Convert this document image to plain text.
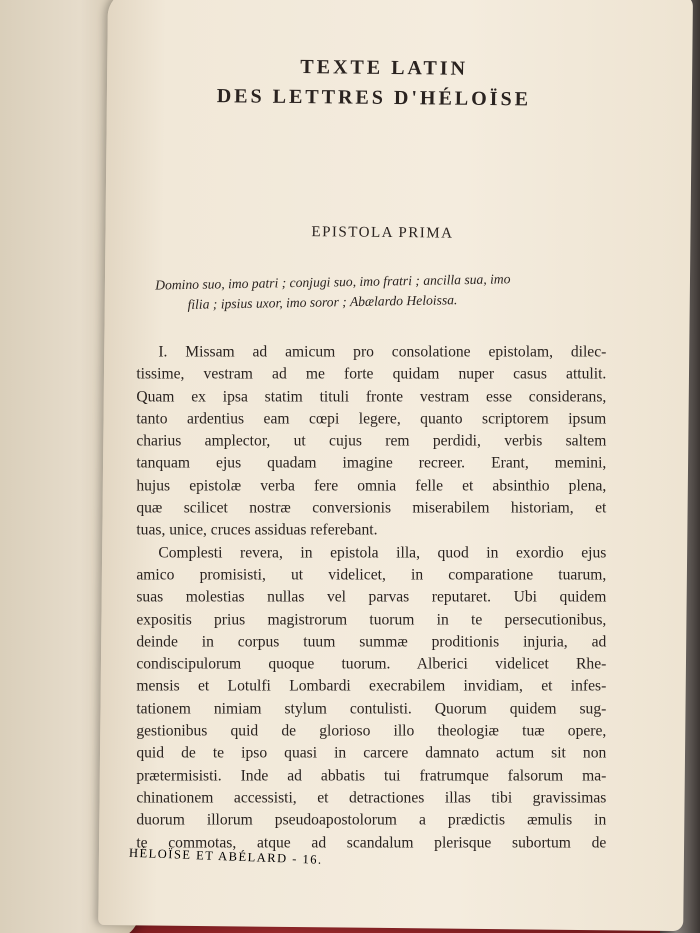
TEXTE LATIN
DES LETTRES D'HÉLOÏSE
EPISTOLA PRIMA
Domino suo, imo patri ; conjugi suo, imo fratri ; ancilla sua, imo
filia ; ipsius uxor, imo soror ; Abælardo Heloissa.
I. Missam ad amicum pro consolatione epistolam, dilec-
tissime, vestram ad me forte quidam nuper casus attulit.
Quam ex ipsa statim tituli fronte vestram esse considerans,
tanto ardentius eam cœpi legere, quanto scriptorem ipsum
charius amplector, ut cujus rem perdidi, verbis saltem
tanquam ejus quadam imagine recreer. Erant, memini,
hujus epistolæ verba fere omnia felle et absinthio plena,
quæ scilicet nostræ conversionis miserabilem historiam, et
tuas, unice, cruces assiduas referebant.
Complesti revera, in epistola illa, quod in exordio ejus
amico promisisti, ut videlicet, in comparatione tuarum,
suas molestias nullas vel parvas reputaret. Ubi quidem
expositis prius magistrorum tuorum in te persecutionibus,
deinde in corpus tuum summæ proditionis injuria, ad
condiscipulorum quoque tuorum. Alberici videlicet Rhe-
mensis et Lotulfi Lombardi execrabilem invidiam, et infes-
tationem nimiam stylum contulisti. Quorum quidem sug-
gestionibus quid de glorioso illo theologiæ tuæ opere,
quid de te ipso quasi in carcere damnato actum sit non
prætermisisti. Inde ad abbatis tui fratrumque falsorum ma-
chinationem accessisti, et detractiones illas tibi gravissimas
duorum illorum pseudoapostolorum a prædictis æmulis in
te commotas, atque ad scandalum plerisque subortum de
HÉLOÏSE ET ABÉLARD - 16.
